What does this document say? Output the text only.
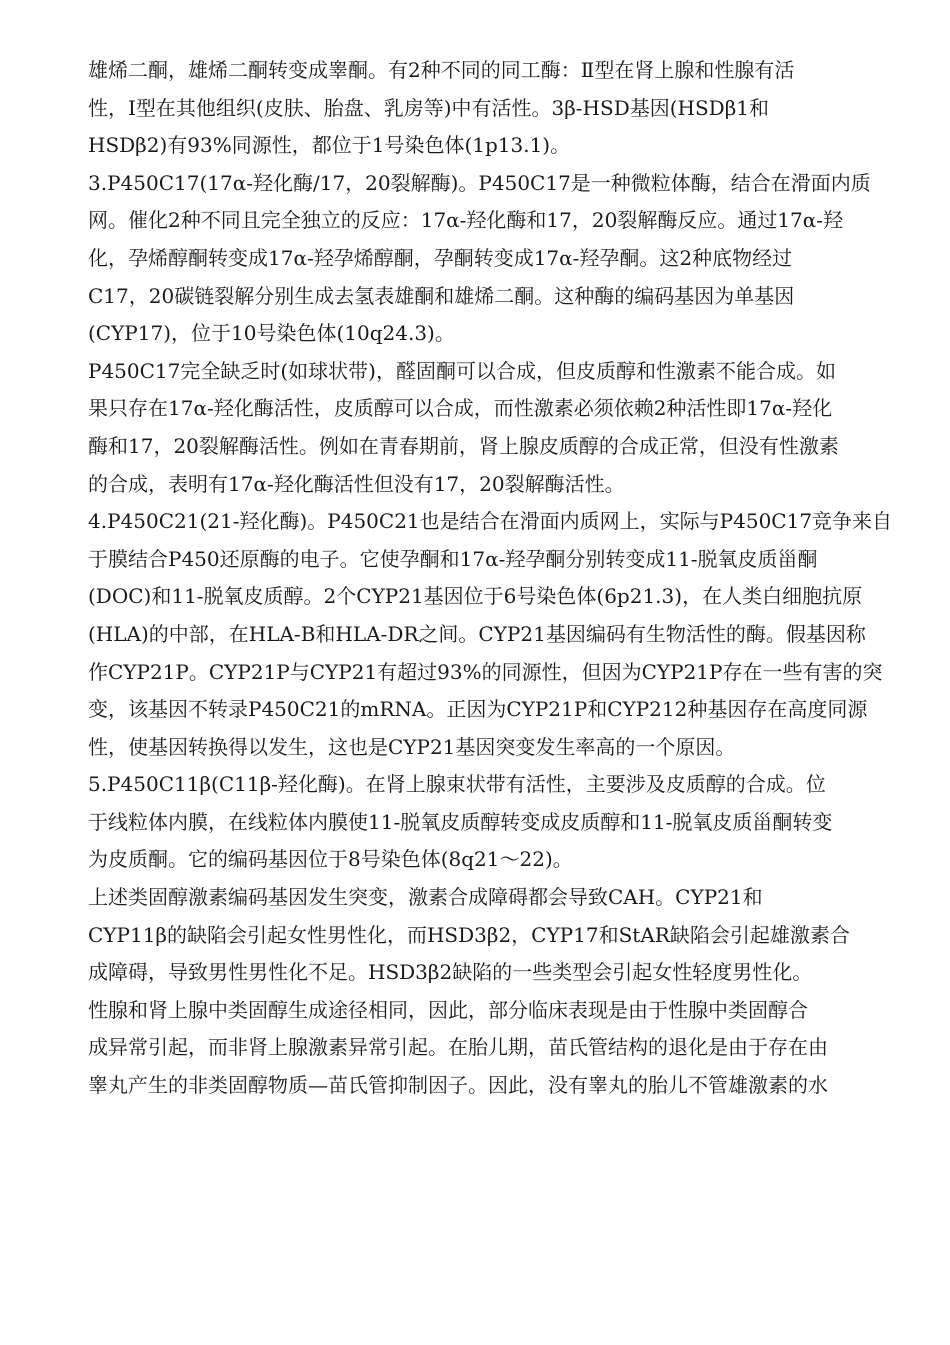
雄烯二酮，雄烯二酮转变成睾酮。有2种不同的同工酶：Ⅱ型在肾上腺和性腺有活
性，Ⅰ型在其他组织(皮肤、胎盘、乳房等)中有活性。3β-HSD基因(HSDβ1和
HSDβ2)有93%同源性，都位于1号染色体(1p13.1)。
3.P450C17(17α-羟化酶/17，20裂解酶)。P450C17是一种微粒体酶，结合在滑面内质
网。催化2种不同且完全独立的反应：17α-羟化酶和17，20裂解酶反应。通过17α-羟
化，孕烯醇酮转变成17α-羟孕烯醇酮，孕酮转变成17α-羟孕酮。这2种底物经过
C17，20碳链裂解分别生成去氢表雄酮和雄烯二酮。这种酶的编码基因为单基因
(CYP17)，位于10号染色体(10q24.3)。
P450C17完全缺乏时(如球状带)，醛固酮可以合成，但皮质醇和性激素不能合成。如
果只存在17α-羟化酶活性，皮质醇可以合成，而性激素必须依赖2种活性即17α-羟化
酶和17，20裂解酶活性。例如在青春期前，肾上腺皮质醇的合成正常，但没有性激素
的合成，表明有17α-羟化酶活性但没有17，20裂解酶活性。
4.P450C21(21-羟化酶)。P450C21也是结合在滑面内质网上，实际与P450C17竞争来自
于膜结合P450还原酶的电子。它使孕酮和17α-羟孕酮分别转变成11-脱氧皮质甾酮
(DOC)和11-脱氧皮质醇。2个CYP21基因位于6号染色体(6p21.3)，在人类白细胞抗原
(HLA)的中部，在HLA-B和HLA-DR之间。CYP21基因编码有生物活性的酶。假基因称
作CYP21P。CYP21P与CYP21有超过93%的同源性，但因为CYP21P存在一些有害的突
变，该基因不转录P450C21的mRNA。正因为CYP21P和CYP212种基因存在高度同源
性，使基因转换得以发生，这也是CYP21基因突变发生率高的一个原因。
5.P450C11β(C11β-羟化酶)。在肾上腺束状带有活性，主要涉及皮质醇的合成。位
于线粒体内膜，在线粒体内膜使11-脱氧皮质醇转变成皮质醇和11-脱氧皮质甾酮转变
为皮质酮。它的编码基因位于8号染色体(8q21～22)。
上述类固醇激素编码基因发生突变，激素合成障碍都会导致CAH。CYP21和
CYP11β的缺陷会引起女性男性化，而HSD3β2，CYP17和StAR缺陷会引起雄激素合
成障碍，导致男性男性化不足。HSD3β2缺陷的一些类型会引起女性轻度男性化。
性腺和肾上腺中类固醇生成途径相同，因此，部分临床表现是由于性腺中类固醇合
成异常引起，而非肾上腺激素异常引起。在胎儿期，苗氏管结构的退化是由于存在由
睾丸产生的非类固醇物质—苗氏管抑制因子。因此，没有睾丸的胎儿不管雄激素的水
